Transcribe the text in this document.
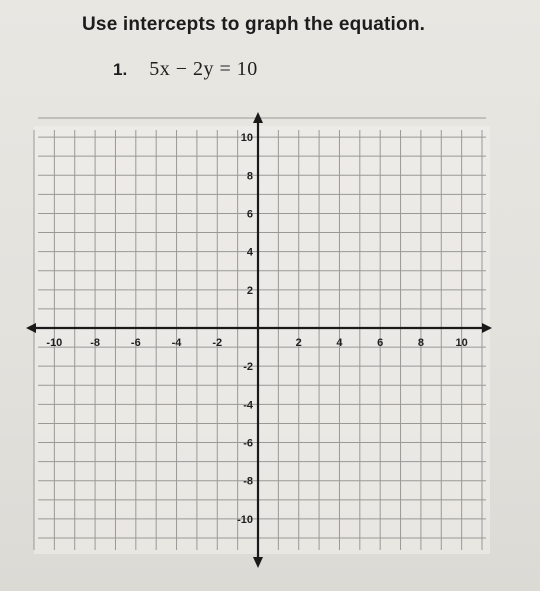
Use intercepts to graph the equation.
1. 5x − 2y = 10
-10	-8	-6	-4	-2	2	4	6	8	10
10
8
6
4
2
-2
-4
-6
-8
-10
